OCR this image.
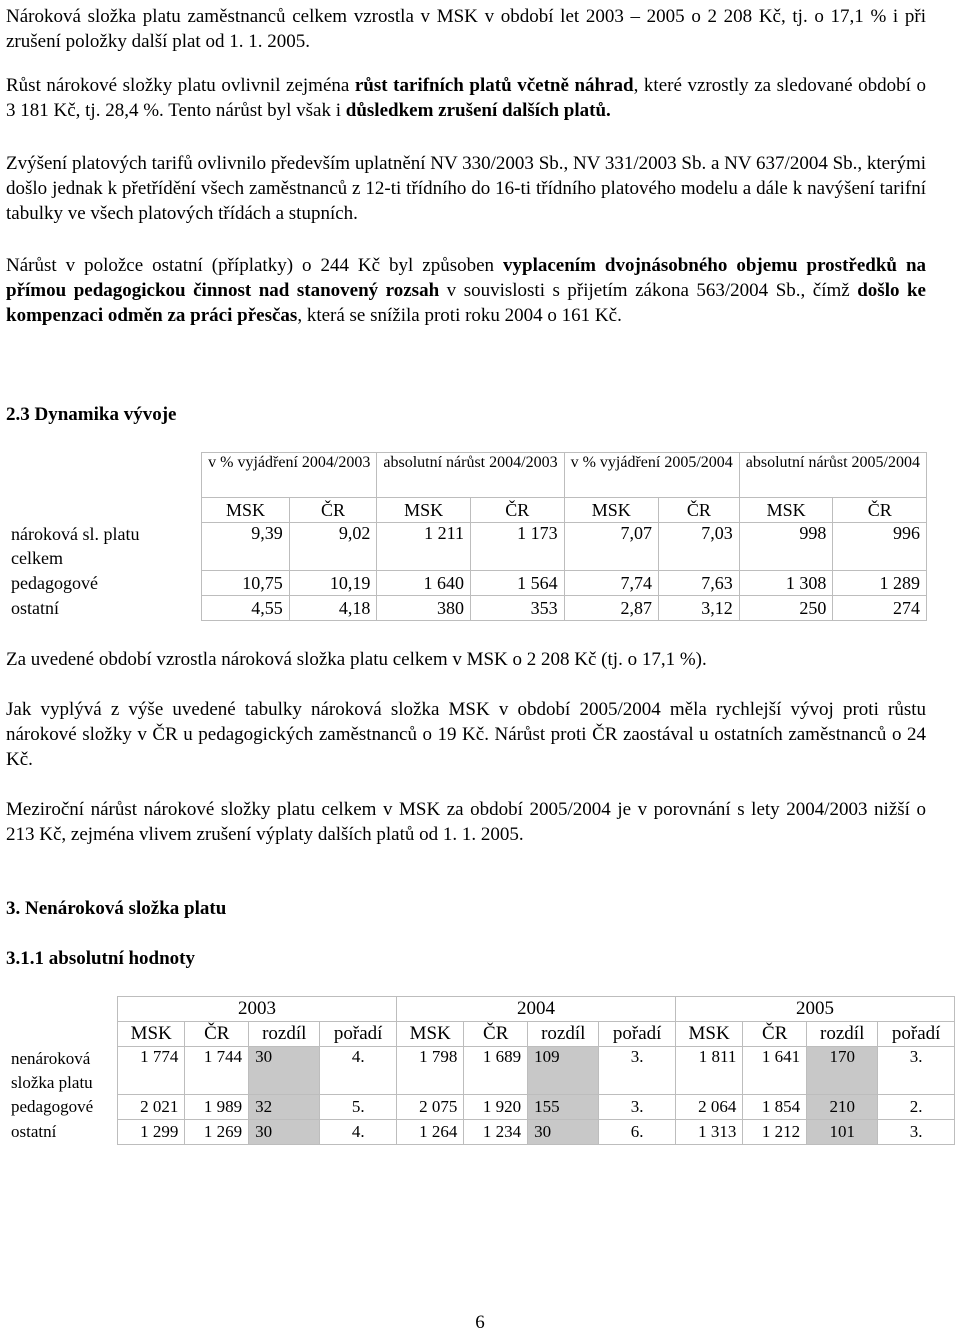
Nároková složka platu zaměstnanců celkem vzrostla v MSK v období let 2003 – 2005 o 2 208 Kč, tj. o 17,1 % i při zrušení položky další plat od 1. 1. 2005.

Růst nárokové složky platu ovlivnil zejména růst tarifních platů včetně náhrad, které vzrostly za sledované období o 3 181 Kč, tj. 28,4 %. Tento nárůst byl však i důsledkem zrušení dalších platů.

Zvýšení platových tarifů ovlivnilo především uplatnění NV 330/2003 Sb., NV 331/2003 Sb. a NV 637/2004 Sb., kterými došlo jednak k přetřídění všech zaměstnanců z 12-ti třídního do 16-ti třídního platového modelu a dále k navýšení tarifní tabulky ve všech platových třídách a stupních.

Nárůst v položce ostatní (příplatky) o 244 Kč byl způsoben vyplacením dvojnásobného objemu prostředků na přímou pedagogickou činnost nad stanovený rozsah v souvislosti s přijetím zákona 563/2004 Sb., čímž došlo ke kompenzaci odměn za práci přesčas, která se snížila proti roku 2004 o 161 Kč.

2.3 Dynamika vývoje
	v % vyjádření 2004/2003		absolutní nárůst 2004/2003		v % vyjádření 2005/2004		absolutní nárůst 2005/2004	
	MSK	ČR	MSK	ČR	MSK	ČR	MSK	ČR
nároková sl. platu	9,39	9,02	1 211	1 173	7,07	7,03	998	996
celkem								
pedagogové	10,75	10,19	1 640	1 564	7,74	7,63	1 308	1 289
ostatní	4,55	4,18	380	353	2,87	3,12	250	274

Za uvedené období vzrostla nároková složka platu celkem v MSK o 2 208 Kč (tj. o 17,1 %).

Jak vyplývá z výše uvedené tabulky nároková složka MSK v období 2005/2004 měla rychlejší vývoj proti růstu nárokové složky v ČR u pedagogických zaměstnanců o 19 Kč. Nárůst proti ČR zaostával u ostatních zaměstnanců o 24 Kč.

Meziroční nárůst nárokové složky platu celkem v MSK za období 2005/2004 je v porovnání s lety 2004/2003 nižší o 213 Kč, zejména vlivem zrušení výplaty dalších platů od 1. 1. 2005.

3. Nenároková složka platu
3.1.1 absolutní hodnoty
	2003				2004				2005			
	MSK	ČR	rozdíl	pořadí	MSK	ČR	rozdíl	pořadí	MSK	ČR	rozdíl	pořadí
nenároková	1 774	1 744	30	4.	1 798	1 689	109	3.	1 811	1 641	170	3.
složka platu												
pedagogové	2 021	1 989	32	5.	2 075	1 920	155	3.	2 064	1 854	210	2.
ostatní	1 299	1 269	30	4.	1 264	1 234	30	6.	1 313	1 212	101	3.
6
